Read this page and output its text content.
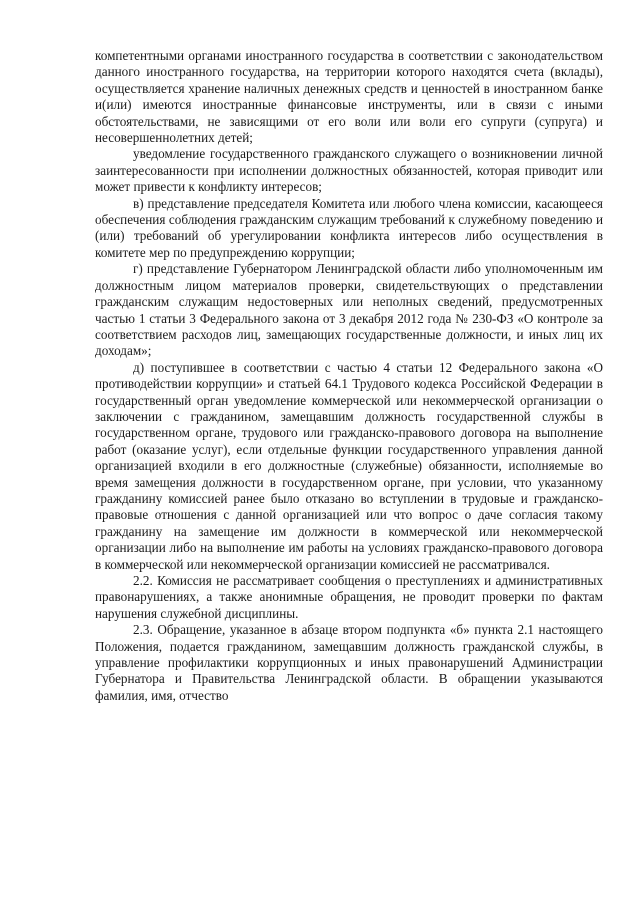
компетентными органами иностранного государства в соответствии с законодательством данного иностранного государства, на территории которого находятся счета (вклады), осуществляется хранение наличных денежных средств и ценностей в иностранном банке и(или) имеются иностранные финансовые инструменты, или в связи с иными обстоятельствами, не зависящими от его воли или воли его супруги (супруга) и несовершеннолетних детей;

уведомление государственного гражданского служащего о возникновении личной заинтересованности при исполнении должностных обязанностей, которая приводит или может привести к конфликту интересов;

в) представление председателя Комитета или любого члена комиссии, касающееся обеспечения соблюдения гражданским служащим требований к служебному поведению и (или) требований об урегулировании конфликта интересов либо осуществления в комитете мер по предупреждению коррупции;

г) представление Губернатором Ленинградской области либо уполномоченным им должностным лицом материалов проверки, свидетельствующих о представлении гражданским служащим недостоверных или неполных сведений, предусмотренных частью 1 статьи 3 Федерального закона от 3 декабря 2012 года № 230-ФЗ «О контроле за соответствием расходов лиц, замещающих государственные должности, и иных лиц их доходам»;

д) поступившее в соответствии с частью 4 статьи 12 Федерального закона «О противодействии коррупции» и статьей 64.1 Трудового кодекса Российской Федерации в государственный орган уведомление коммерческой или некоммерческой организации о заключении с гражданином, замещавшим должность государственной службы в государственном органе, трудового или гражданско-правового договора на выполнение работ (оказание услуг), если отдельные функции государственного управления данной организацией входили в его должностные (служебные) обязанности, исполняемые во время замещения должности в государственном органе, при условии, что указанному гражданину комиссией ранее было отказано во вступлении в трудовые и гражданско-правовые отношения с данной организацией или что вопрос о даче согласия такому гражданину на замещение им должности в коммерческой или некоммерческой организации либо на выполнение им работы на условиях гражданско-правового договора в коммерческой или некоммерческой организации комиссией не рассматривался.

2.2. Комиссия не рассматривает сообщения о преступлениях и административных правонарушениях, а также анонимные обращения, не проводит проверки по фактам нарушения служебной дисциплины.

2.3. Обращение, указанное в абзаце втором подпункта «б» пункта 2.1 настоящего Положения, подается гражданином, замещавшим должность гражданской службы, в управление профилактики коррупционных и иных правонарушений Администрации Губернатора и Правительства Ленинградской области. В обращении указываются фамилия, имя, отчество
